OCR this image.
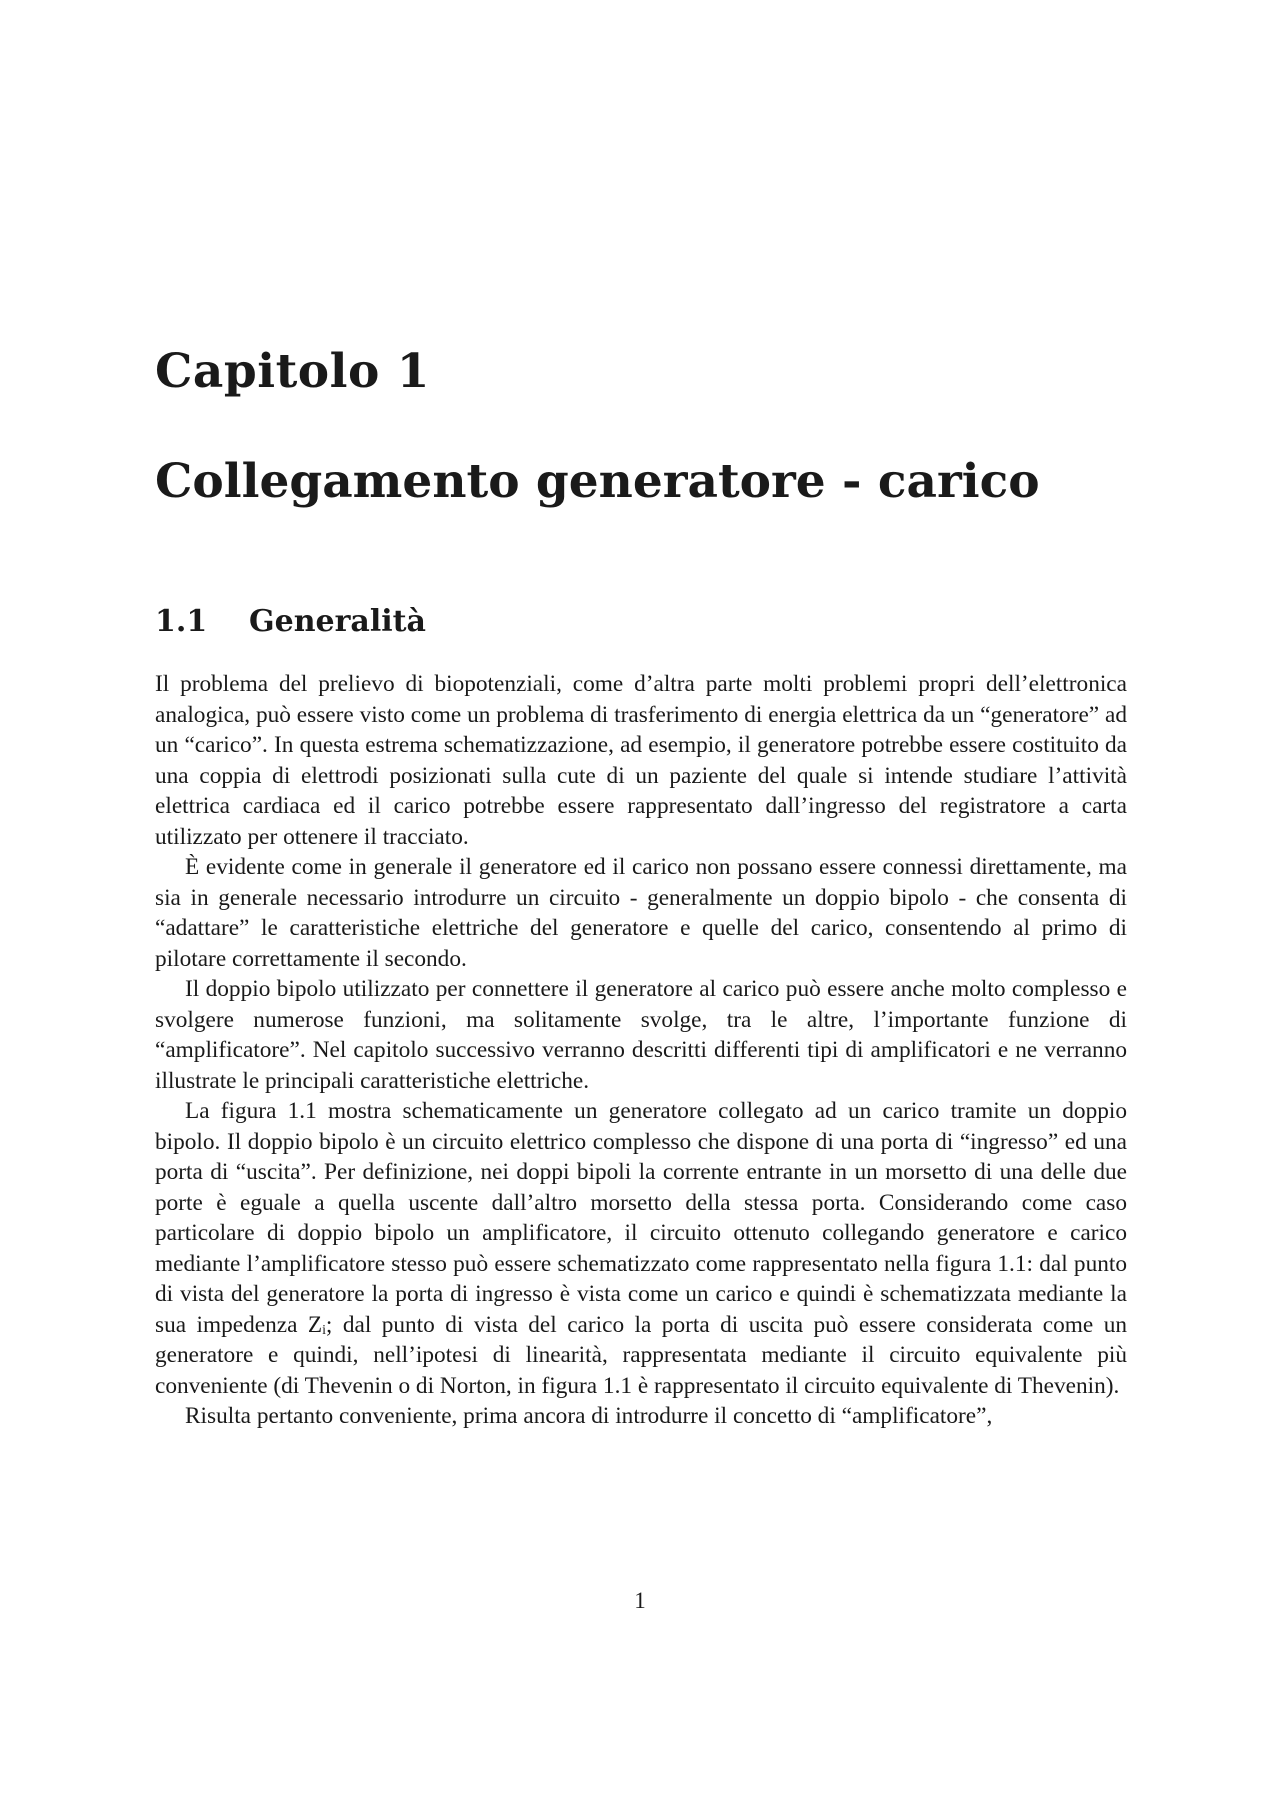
Capitolo 1
Collegamento generatore - carico
1.1 Generalità

Il problema del prelievo di biopotenziali, come d’altra parte molti problemi propri dell’elettronica analogica, può essere visto come un problema di trasferimento di energia elettrica da un “generatore” ad un “carico”. In questa estrema schematizzazione, ad esempio, il generatore potrebbe essere costituito da una coppia di elettrodi posizionati sulla cute di un paziente del quale si intende studiare l’attività elettrica cardiaca ed il carico potrebbe essere rappresentato dall’ingresso del registratore a carta utilizzato per ottenere il tracciato.

È evidente come in generale il generatore ed il carico non possano essere connessi direttamente, ma sia in generale necessario introdurre un circuito - generalmente un doppio bipolo - che consenta di “adattare” le caratteristiche elettriche del generatore e quelle del carico, consentendo al primo di pilotare correttamente il secondo.

Il doppio bipolo utilizzato per connettere il generatore al carico può essere anche molto complesso e svolgere numerose funzioni, ma solitamente svolge, tra le altre, l’importante funzione di “amplificatore”. Nel capitolo successivo verranno descritti differenti tipi di amplificatori e ne verranno illustrate le principali caratteristiche elettriche.

La figura 1.1 mostra schematicamente un generatore collegato ad un carico tramite un doppio bipolo. Il doppio bipolo è un circuito elettrico complesso che dispone di una porta di “ingresso” ed una porta di “uscita”. Per definizione, nei doppi bipoli la corrente entrante in un morsetto di una delle due porte è eguale a quella uscente dall’altro morsetto della stessa porta. Considerando come caso particolare di doppio bipolo un amplificatore, il circuito ottenuto collegando generatore e carico mediante l’amplificatore stesso può essere schematizzato come rappresentato nella figura 1.1: dal punto di vista del generatore la porta di ingresso è vista come un carico e quindi è schematizzata mediante la sua impedenza Zᵢ; dal punto di vista del carico la porta di uscita può essere considerata come un generatore e quindi, nell’ipotesi di linearità, rappresentata mediante il circuito equivalente più conveniente (di Thevenin o di Norton, in figura 1.1 è rappresentato il circuito equivalente di Thevenin).

Risulta pertanto conveniente, prima ancora di introdurre il concetto di “amplificatore”,

1
